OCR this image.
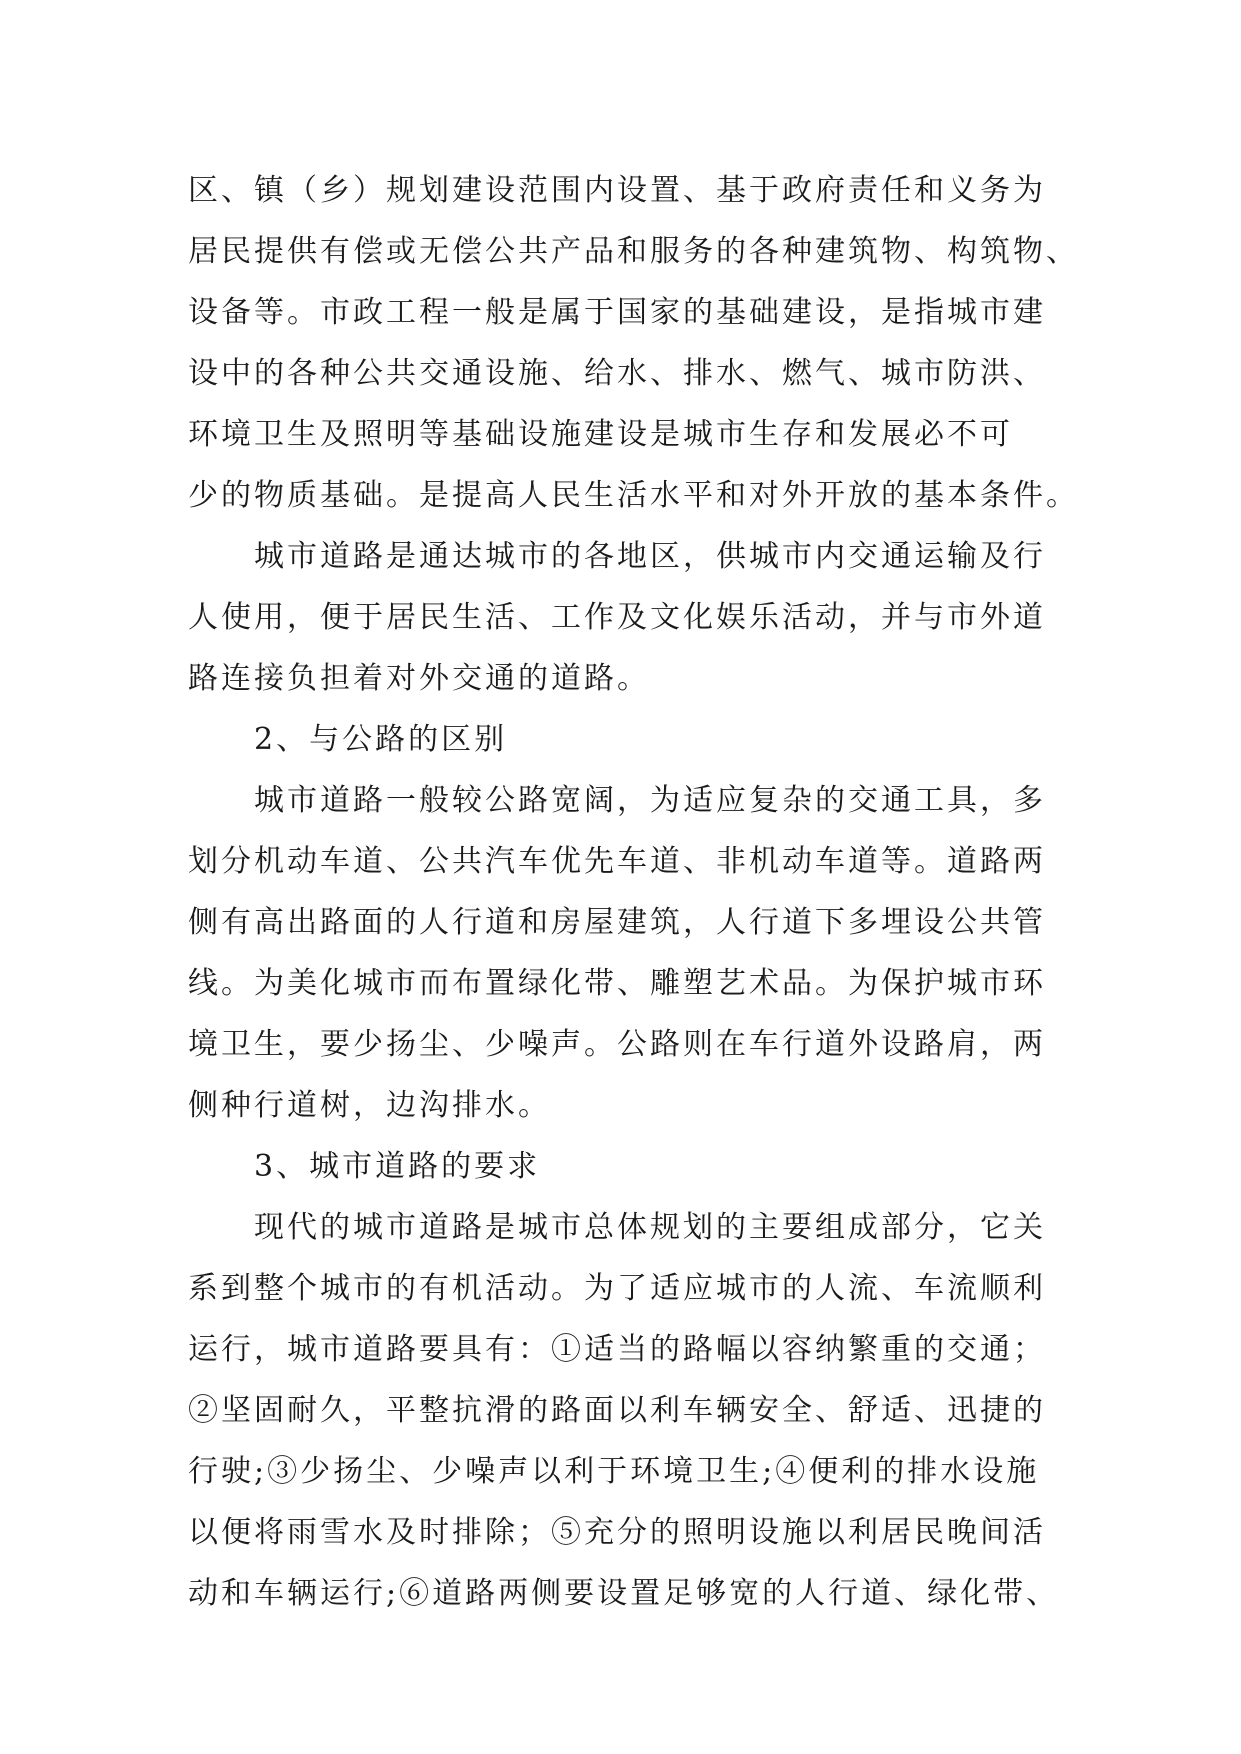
区、镇（乡）规划建设范围内设置、基于政府责任和义务为
居民提供有偿或无偿公共产品和服务的各种建筑物、构筑物、
设备等。市政工程一般是属于国家的基础建设，是指城市建
设中的各种公共交通设施、给水、排水、燃气、城市防洪、
环境卫生及照明等基础设施建设是城市生存和发展必不可
少的物质基础。是提高人民生活水平和对外开放的基本条件。
城市道路是通达城市的各地区，供城市内交通运输及行
人使用，便于居民生活、工作及文化娱乐活动，并与市外道
路连接负担着对外交通的道路。
2、与公路的区别
城市道路一般较公路宽阔，为适应复杂的交通工具，多
划分机动车道、公共汽车优先车道、非机动车道等。道路两
侧有高出路面的人行道和房屋建筑，人行道下多埋设公共管
线。为美化城市而布置绿化带、雕塑艺术品。为保护城市环
境卫生，要少扬尘、少噪声。公路则在车行道外设路肩，两
侧种行道树，边沟排水。
3、城市道路的要求
现代的城市道路是城市总体规划的主要组成部分，它关
系到整个城市的有机活动。为了适应城市的人流、车流顺利
运行，城市道路要具有：①适当的路幅以容纳繁重的交通；
②坚固耐久，平整抗滑的路面以利车辆安全、舒适、迅捷的
行驶;③少扬尘、少噪声以利于环境卫生;④便利的排水设施
以便将雨雪水及时排除；⑤充分的照明设施以利居民晚间活
动和车辆运行;⑥道路两侧要设置足够宽的人行道、绿化带、
